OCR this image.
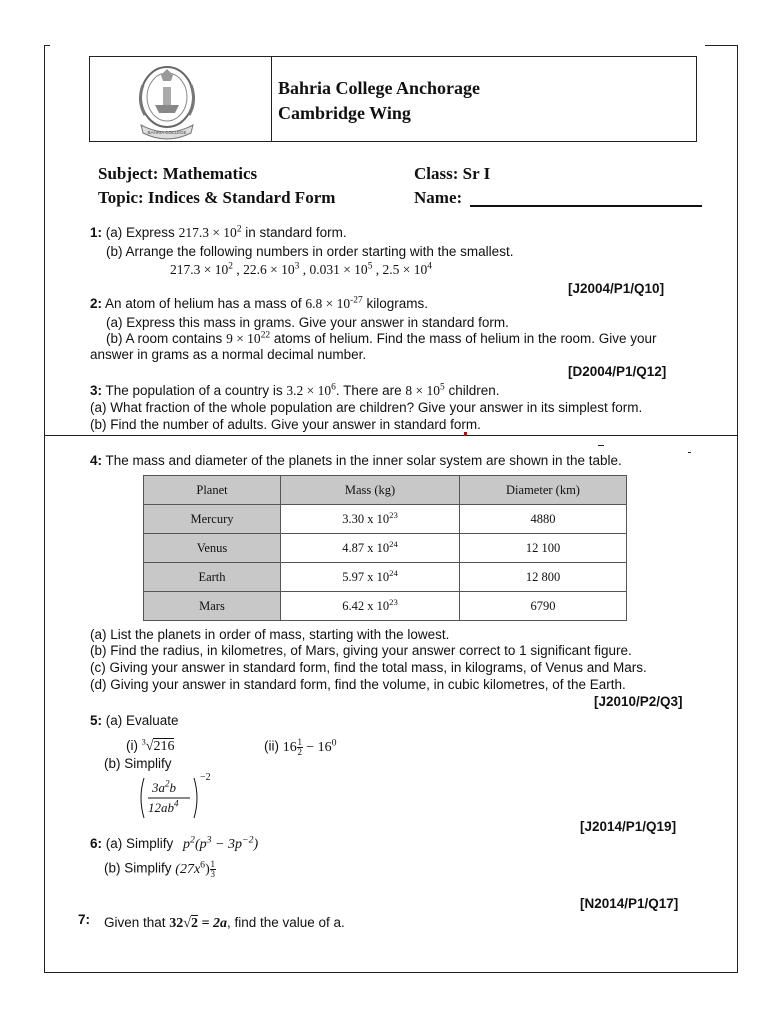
BAHRIA COLLEGE
Bahria College Anchorage
Cambridge Wing
Subject: Mathematics
Topic: Indices & Standard Form
Class: Sr I
Name:
1: (a) Express $217.3 \times 10^2$ in standard form.
(b) Arrange the following numbers in order starting with the smallest.
$217.3 \times 10^2$ , $22.6 \times 10^3$ , $0.031 \times 10^5$ , $2.5 \times 10^4$
[J2004/P1/Q10]
2: An atom of helium has a mass of $6.8 \times 10^{-27}$ kilograms.
(a) Express this mass in grams. Give your answer in standard form.
(b) A room contains $9 \times 10^{22}$ atoms of helium. Find the mass of helium in the room. Give your
answer in grams as a normal decimal number.
[D2004/P1/Q12]
3: The population of a country is $3.2 \times 10^6$. There are $8 \times 10^5$ children.
(a) What fraction of the whole population are children? Give your answer in its simplest form.
(b) Find the number of adults. Give your answer in standard form.
4: The mass and diameter of the planets in the inner solar system are shown in the table.
Planet	Mass (kg)	Diameter (km)
Mercury	3.30 x $10^{23}$	4880
Venus	4.87 x $10^{24}$	12 100
Earth	5.97 x $10^{24}$	12 800
Mars	6.42 x $10^{23}$	6790
(a) List the planets in order of mass, starting with the lowest.
(b) Find the radius, in kilometres, of Mars, giving your answer correct to 1 significant figure.
(c) Giving your answer in standard form, find the total mass, in kilograms, of Venus and Mars.
(d) Giving your answer in standard form, find the volume, in cubic kilometres, of the Earth.
[J2010/P2/Q3]
5: (a) Evaluate
(i) $^3$√216	(ii) $16 \frac{1}{2} - 16^0$
(b) Simplify
$3a^2b$
$12ab^4$
−2
[J2014/P1/Q19]
6: (a) Simplify $p^2(p^3 - 3p^{-2})$
(b) Simplify $(27x^6) \frac{1}{3}$
[N2014/P1/Q17]
7: Given that 32√2 = 2a, find the value of a.
